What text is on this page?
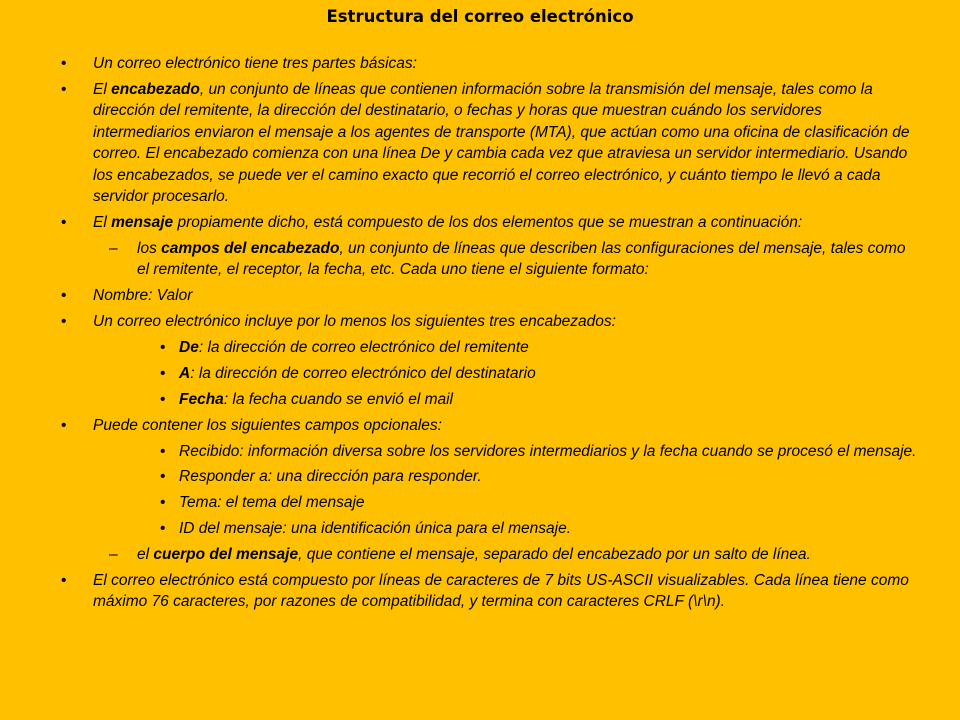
Estructura del correo electrónico
• Un correo electrónico tiene tres partes básicas:
• El encabezado, un conjunto de líneas que contienen información sobre la transmisión del mensaje, tales como la dirección del remitente, la dirección del destinatario, o fechas y horas que muestran cuándo los servidores intermediarios enviaron el mensaje a los agentes de transporte (MTA), que actúan como una oficina de clasificación de correo. El encabezado comienza con una línea De y cambia cada vez que atraviesa un servidor intermediario. Usando los encabezados, se puede ver el camino exacto que recorrió el correo electrónico, y cuánto tiempo le llevó a cada servidor procesarlo.
• El mensaje propiamente dicho, está compuesto de los dos elementos que se muestran a continuación:
– los campos del encabezado, un conjunto de líneas que describen las configuraciones del mensaje, tales como el remitente, el receptor, la fecha, etc. Cada uno tiene el siguiente formato:
• Nombre: Valor
• Un correo electrónico incluye por lo menos los siguientes tres encabezados:
• De: la dirección de correo electrónico del remitente
• A: la dirección de correo electrónico del destinatario
• Fecha: la fecha cuando se envió el mail
• Puede contener los siguientes campos opcionales:
• Recibido: información diversa sobre los servidores intermediarios y la fecha cuando se procesó el mensaje.
• Responder a: una dirección para responder.
• Tema: el tema del mensaje
• ID del mensaje: una identificación única para el mensaje.
– el cuerpo del mensaje, que contiene el mensaje, separado del encabezado por un salto de línea.
• El correo electrónico está compuesto por líneas de caracteres de 7 bits US-ASCII visualizables. Cada línea tiene como máximo 76 caracteres, por razones de compatibilidad, y termina con caracteres CRLF (\r\n).
